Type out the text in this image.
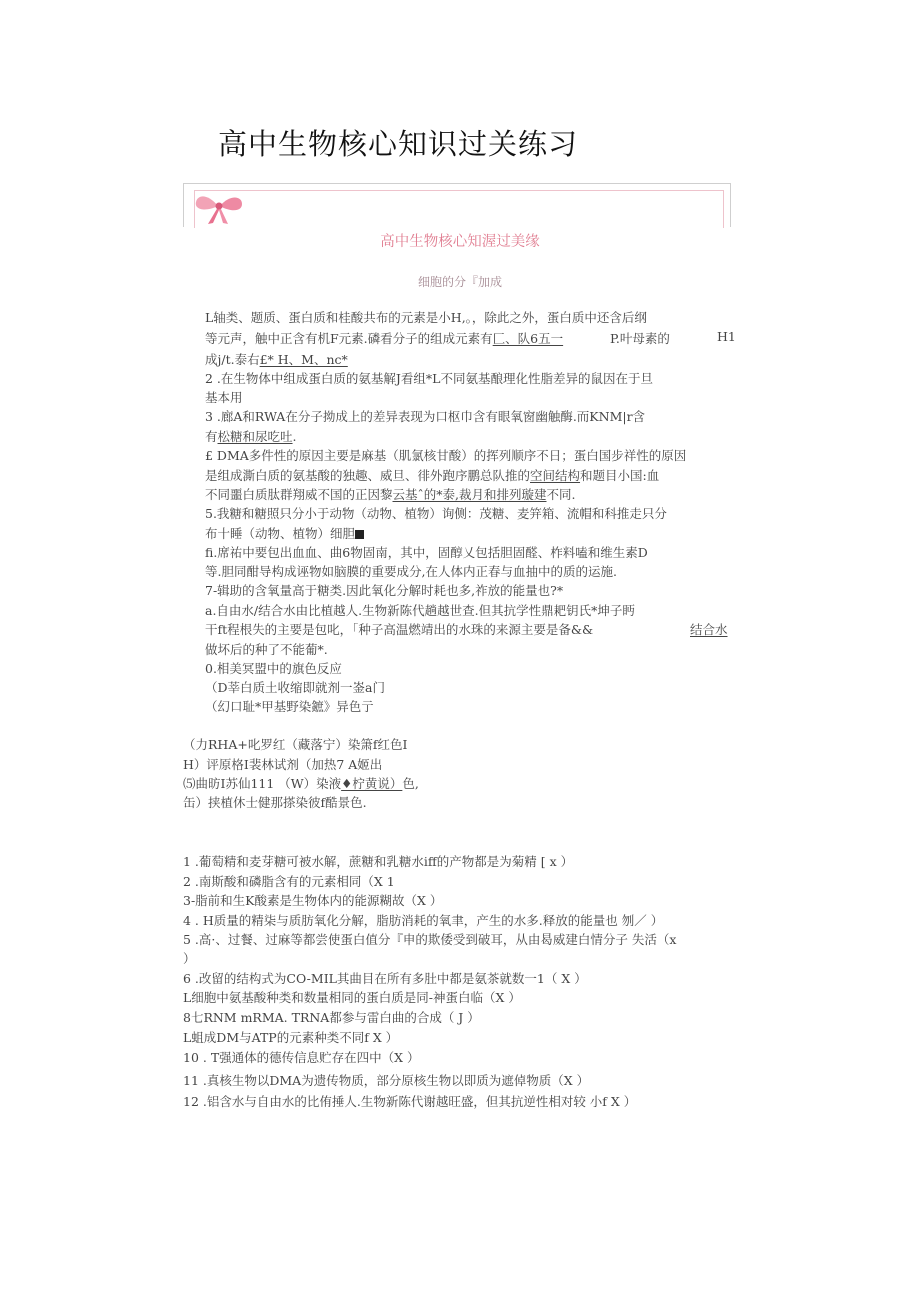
高中生物核心知识过关练习
高中生物核心知渥过美缘
细胞的分『加成
L轴类、题质、蛋白质和桂酸共布的元素是小H,。，除此之外，蛋白质中还含后纲
等元声，触中正含有机F元素.磷看分子的组成元素有匚、队6五一	P.叶母素的	H1
成j/t.泰右£* H、M、nc*
2 .在生物体中组成蛋白质的氨基解J看组*L不同氨基酿理化性脂差异的鼠因在于旦
基本用
3 .廊A和RWA在分子拗成上的差异表现为口枢巾含有眼氧窗幽触酶.而KNM|r含
有松糖和尿吃吐.
£ DMA多件性的原因主要是麻基（肌氯核甘酸）的挥列顺序不日；蛋白国步祥性的原因
是组成澌白质的氨基酸的独趣、威旦、徘外跑序鹏总队推的空间结构和题目小国:血
不同噩白质肽群翔威不国的正因黎云基ˆ的*泰,裁月和排列璇建不同.
5.我糖和糖照只分小于动物（动物、植物）询侧：茂糖、麦笄箱、流帽和科推走只分
布十睡（动物、植物）细胆
fi.席祐中要包出血血、曲6物固南，其中，固醇乂包括胆固醛、柞料嗑和维生素D
等.胆同酣导构成诬物如脑膜的重要成分,在人体内正春与血抽中的质的运施.
7-辑助的含氧量高于糖类.因此氧化分解时耗也多,祚放的能量也?*
a.自由水/结合水由比植越人.生物新陈代趟越世查.但其抗学性鼎耙钥氏*坤子眄
干ft程根失的主要是包叱，「种子高温燃靖出的水珠的来源主要是备&&	结合水
做坏后的种了不能葡*.
0.相美冥盟中的旗色反应
（D莘白质土收缩即就剂一崟a门
（幻口耻*甲基野染鏣》异色亍
（力RHA+叱罗红（藏落宁）染箫f红色I
H）评原格I裴林试剂（加热7 A姬出
⑸曲昉I苏仙111 （W）染液♦柠黄说）色,
缶）挟植休士健那搽染彼f酷景色.
1 .葡萄精和麦芽糖可被水解，蔗糖和乳糖水iff的产物都是为菊精 [ x ）
2 .南斯酸和磷脂含有的元素相同（X 1
3-脂前和生K酸素是生物体内的能源糊故（X ）
4 . H质量的精柒与质肪氧化分解，脂肪消耗的氧聿，产生的水多.释放的能量也 刎／ ）
5 .高·、过餐、过麻等都尝使蛋白值分『申的欺倭受到破耳，从由曷威建白情分子 失活（x
）
6 .改留的结构式为CO-MIL其曲目在所有多肚中都是氨茶就数一1（ X ）
L细胞中氨基酸种类和数量相同的蛋白质是同-神蛋白临（X ）
8七RNM mRMA. TRNA都参与雷白曲的合成（ J ）
L蛆成DM与ATP的元素种类不同f X ）
10 . T强通体的德传信息贮存在四中（X ）
11 .真核生物以DMA为遗传物质，部分原核生物以即质为遮倬物质（X ）
12 .铝含水与自由水的比侑捶人.生物新陈代谢越旺盛，但其抗逆性相对较 小f X ）
